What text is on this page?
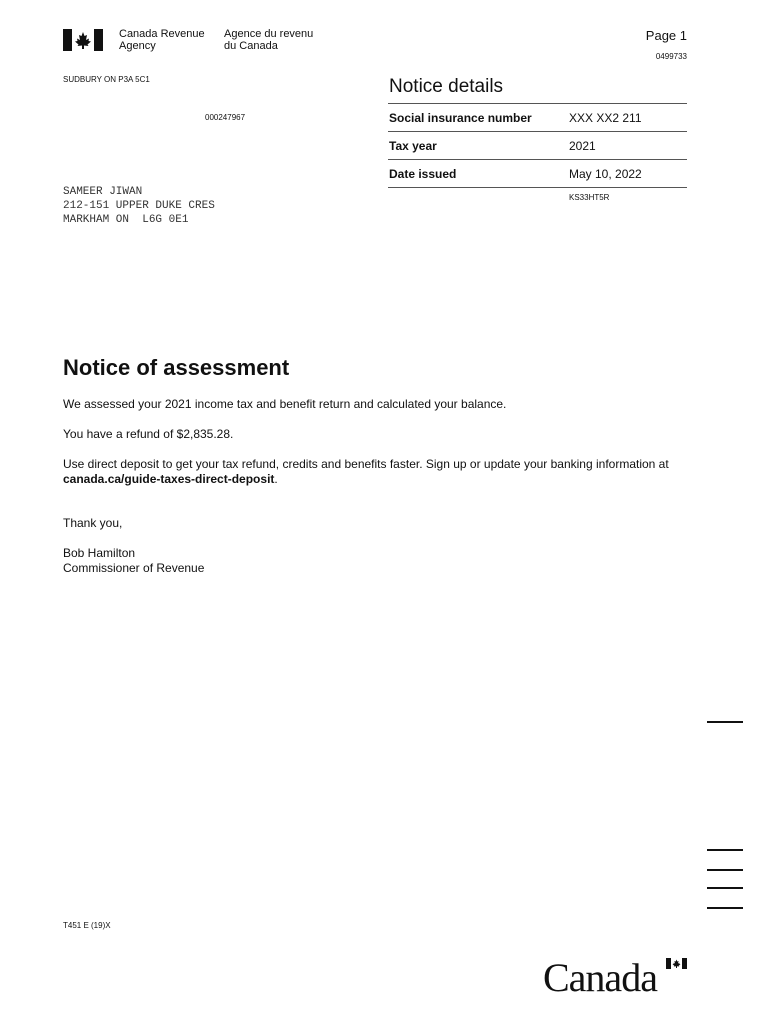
Canada Revenue
Agency
Agence du revenu
du Canada
Page 1
0499733
SUDBURY ON P3A 5C1
000247967
Notice details
Social insurance number	XXX XX2 211
Tax year	2021
Date issued	May 10, 2022
KS33HT5R
SAMEER JIWAN
212-151 UPPER DUKE CRES
MARKHAM ON  L6G 0E1
Notice of assessment
We assessed your 2021 income tax and benefit return and calculated your balance.
You have a refund of $2,835.28.
Use direct deposit to get your tax refund, credits and benefits faster. Sign up or update your banking information at canada.ca/guide-taxes-direct-deposit.
Thank you,
Bob Hamilton
Commissioner of Revenue
T451 E (19)X
Canada
